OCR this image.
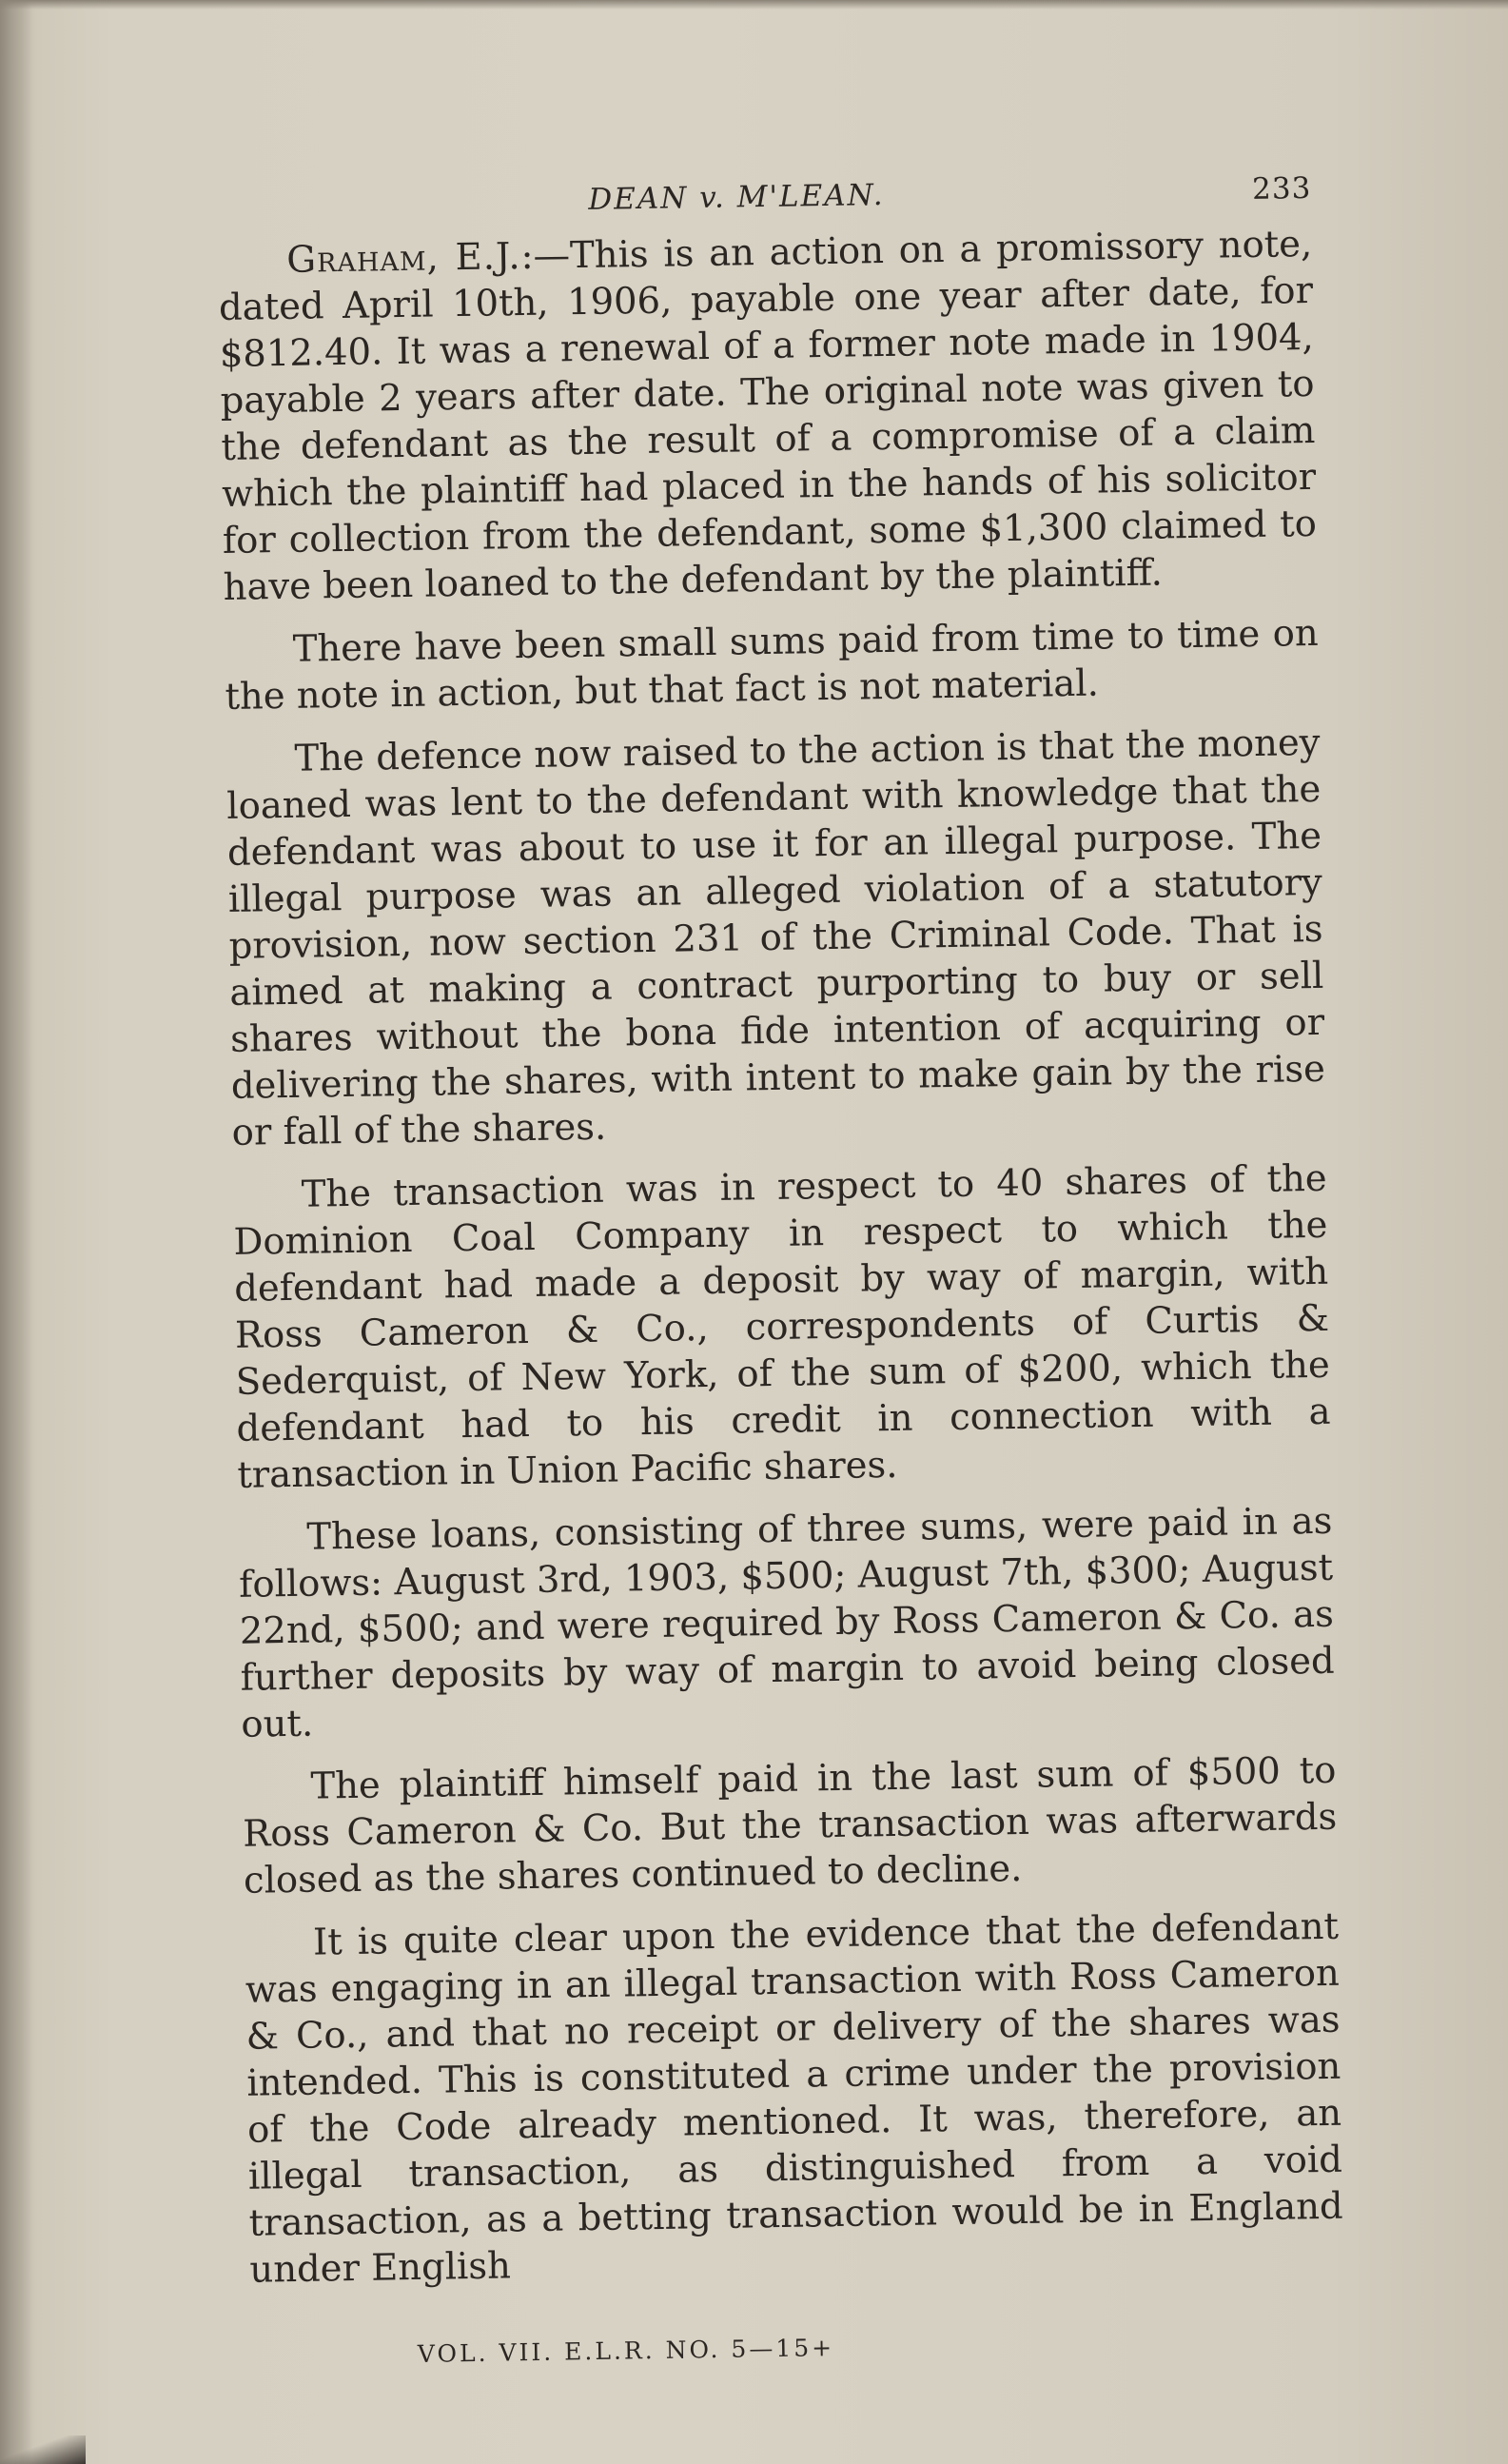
DEAN v. M'LEAN.	233

Graham, E.J.:—This is an action on a promissory note, dated April 10th, 1906, payable one year after date, for $812.40. It was a renewal of a former note made in 1904, payable 2 years after date. The original note was given to the defendant as the result of a compromise of a claim which the plaintiff had placed in the hands of his solicitor for collection from the defendant, some $1,300 claimed to have been loaned to the defendant by the plaintiff.

There have been small sums paid from time to time on the note in action, but that fact is not material.

The defence now raised to the action is that the money loaned was lent to the defendant with knowledge that the defendant was about to use it for an illegal purpose. The illegal purpose was an alleged violation of a statutory provision, now section 231 of the Criminal Code. That is aimed at making a contract purporting to buy or sell shares without the bona fide intention of acquiring or delivering the shares, with intent to make gain by the rise or fall of the shares.

The transaction was in respect to 40 shares of the Dominion Coal Company in respect to which the defendant had made a deposit by way of margin, with Ross Cameron & Co., correspondents of Curtis & Sederquist, of New York, of the sum of $200, which the defendant had to his credit in connection with a transaction in Union Pacific shares.

These loans, consisting of three sums, were paid in as follows: August 3rd, 1903, $500; August 7th, $300; August 22nd, $500; and were required by Ross Cameron & Co. as further deposits by way of margin to avoid being closed out.

The plaintiff himself paid in the last sum of $500 to Ross Cameron & Co. But the transaction was afterwards closed as the shares continued to decline.

It is quite clear upon the evidence that the defendant was engaging in an illegal transaction with Ross Cameron & Co., and that no receipt or delivery of the shares was intended. This is constituted a crime under the provision of the Code already mentioned. It was, therefore, an illegal transaction, as distinguished from a void transaction, as a betting transaction would be in England under English

VOL. VII. E.L.R. NO. 5—15+
